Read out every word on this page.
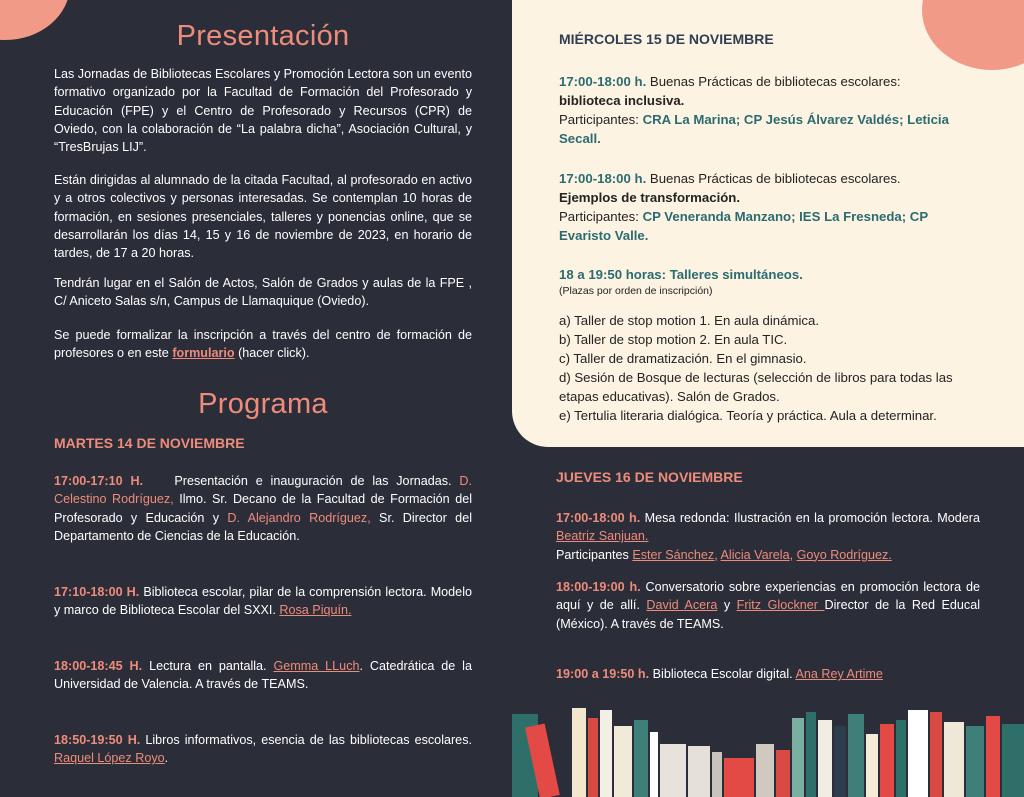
Presentación

Las Jornadas de Bibliotecas Escolares y Promoción Lectora son un evento formativo organizado por la Facultad de Formación del Profesorado y Educación (FPE) y el Centro de Profesorado y Recursos (CPR) de Oviedo, con la colaboración de “La palabra dicha”, Asociación Cultural, y “TresBrujas LIJ”.

Están dirigidas al alumnado de la citada Facultad, al profesorado en activo y a otros colectivos y personas interesadas. Se contemplan 10 horas de formación, en sesiones presenciales, talleres y ponencias online, que se desarrollarán los días 14, 15 y 16 de noviembre de 2023, en horario de tardes, de 17 a 20 horas.

Tendrán lugar en el Salón de Actos, Salón de Grados y aulas de la FPE , C/ Aniceto Salas s/n, Campus de Llamaquique (Oviedo).

Se puede formalizar la inscripción a través del centro de formación de profesores o en este formulario (hacer click).

Programa
MARTES 14 DE NOVIEMBRE

17:00-17:10 H. Presentación e inauguración de las Jornadas. D. Celestino Rodríguez, Ilmo. Sr. Decano de la Facultad de Formación del Profesorado y Educación y D. Alejandro Rodríguez, Sr. Director del Departamento de Ciencias de la Educación.

17:10-18:00 H. Biblioteca escolar, pilar de la comprensión lectora. Modelo y marco de Biblioteca Escolar del SXXI. Rosa Piquín.

18:00-18:45 H. Lectura en pantalla. Gemma LLuch. Catedrática de la Universidad de Valencia. A través de TEAMS.

18:50-19:50 H. Libros informativos, esencia de las bibliotecas escolares. Raquel López Royo.

MIÉRCOLES 15 DE NOVIEMBRE
17:00-18:00 h. Buenas Prácticas de bibliotecas escolares:
biblioteca inclusiva.
Participantes: CRA La Marina; CP Jesús Álvarez Valdés; Leticia Secall.
17:00-18:00 h. Buenas Prácticas de bibliotecas escolares.
Ejemplos de transformación.
Participantes: CP Veneranda Manzano; IES La Fresneda; CP Evaristo Valle.
18 a 19:50 horas: Talleres simultáneos.
(Plazas por orden de inscripción)
a) Taller de stop motion 1. En aula dinámica.
b) Taller de stop motion 2. En aula TIC.
c) Taller de dramatización. En el gimnasio.
d) Sesión de Bosque de lecturas (selección de libros para todas las etapas educativas). Salón de Grados.
e) Tertulia literaria dialógica. Teoría y práctica. Aula a determinar.
JUEVES 16 DE NOVIEMBRE

17:00-18:00 h. Mesa redonda: Ilustración en la promoción lectora. Modera Beatriz Sanjuan.
Participantes Ester Sánchez, Alicia Varela, Goyo Rodríguez.

18:00-19:00 h. Conversatorio sobre experiencias en promoción lectora de aquí y de allí. David Acera y Fritz Glockner Director de la Red Educal (México). A través de TEAMS.

19:00 a 19:50 h. Biblioteca Escolar digital. Ana Rey Artime
